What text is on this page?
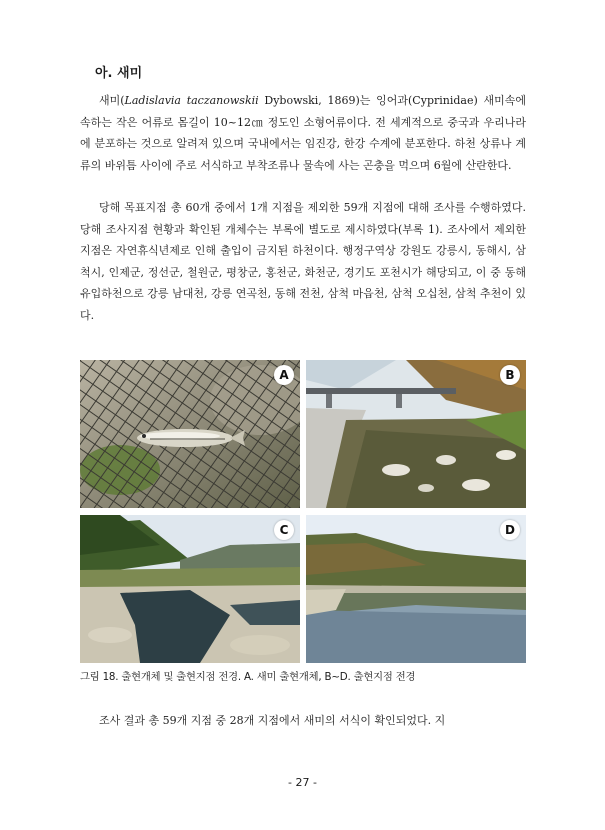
아. 새미
새미(Ladislavia taczanowskii Dybowski, 1869)는 잉어과(Cyprinidae) 새미속에 속하는 작은 어류로 몸길이 10~12㎝ 정도인 소형어류이다. 전 세계적으로 중국과 우리나라에 분포하는 것으로 알려져 있으며 국내에서는 임진강, 한강 수계에 분포한다. 하천 상류나 계류의 바위틈 사이에 주로 서식하고 부착조류나 물속에 사는 곤충을 먹으며 6월에 산란한다.
당해 목표지점 총 60개 중에서 1개 지점을 제외한 59개 지점에 대해 조사를 수행하였다. 당해 조사지점 현황과 확인된 개체수는 부록에 별도로 제시하였다(부록 1). 조사에서 제외한 지점은 자연휴식년제로 인해 출입이 금지된 하천이다. 행정구역상 강원도 강릉시, 동해시, 삼척시, 인제군, 정선군, 철원군, 평창군, 홍천군, 화천군, 경기도 포천시가 해당되고, 이 중 동해유입하천으로 강릉 남대천, 강릉 연곡천, 동해 전천, 삼척 마읍천, 삼척 오십천, 삼척 추천이 있다.
A	B
C	D
그림 18. 출현개체 및 출현지점 전경. A. 새미 출현개체, B~D. 출현지점 전경
조사 결과 총 59개 지점 중 28개 지점에서 새미의 서식이 확인되었다. 지
- 27 -
